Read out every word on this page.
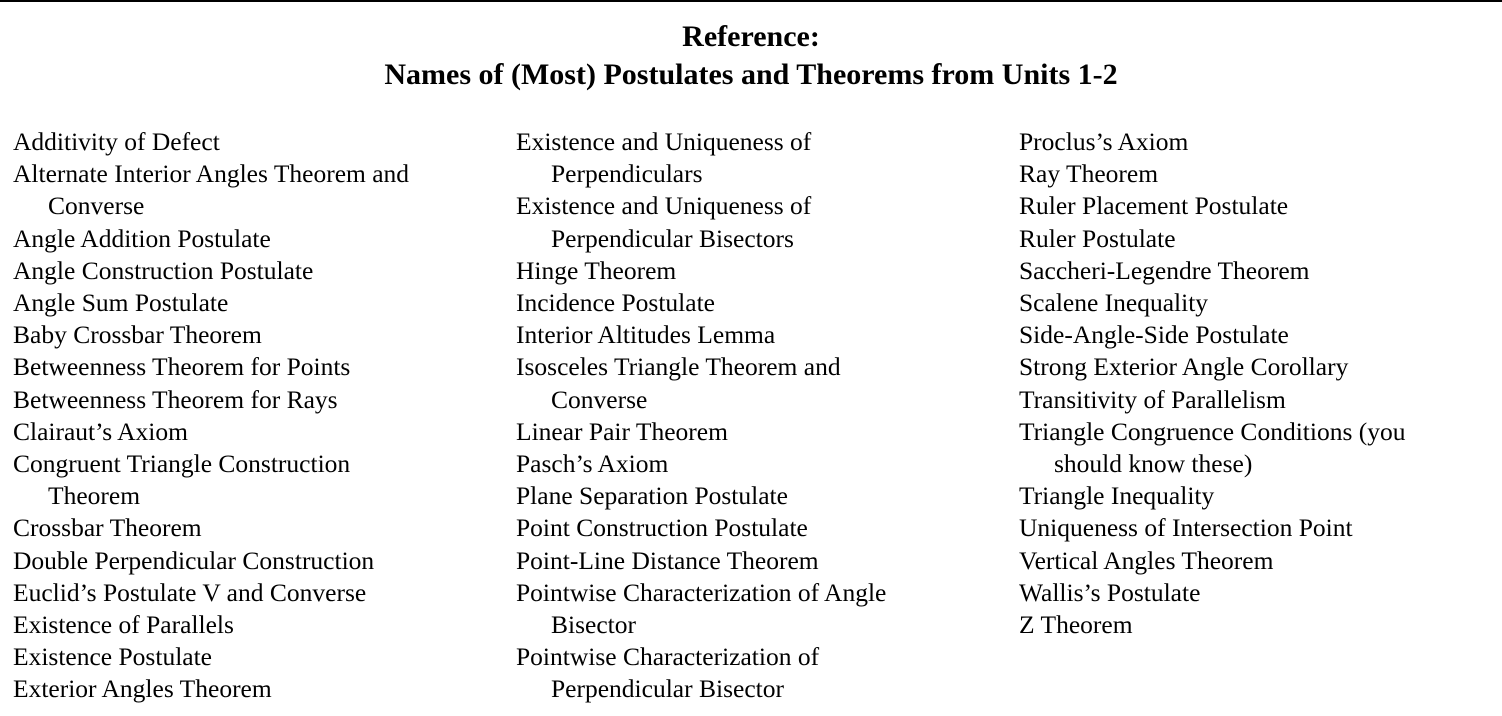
Reference:
Names of (Most) Postulates and Theorems from Units 1-2
Additivity of Defect
Alternate Interior Angles Theorem and
Converse
Angle Addition Postulate
Angle Construction Postulate
Angle Sum Postulate
Baby Crossbar Theorem
Betweenness Theorem for Points
Betweenness Theorem for Rays
Clairaut’s Axiom
Congruent Triangle Construction
Theorem
Crossbar Theorem
Double Perpendicular Construction
Euclid’s Postulate V and Converse
Existence of Parallels
Existence Postulate
Exterior Angles Theorem
Existence and Uniqueness of
Perpendiculars
Existence and Uniqueness of
Perpendicular Bisectors
Hinge Theorem
Incidence Postulate
Interior Altitudes Lemma
Isosceles Triangle Theorem and
Converse
Linear Pair Theorem
Pasch’s Axiom
Plane Separation Postulate
Point Construction Postulate
Point-Line Distance Theorem
Pointwise Characterization of Angle
Bisector
Pointwise Characterization of
Perpendicular Bisector
Proclus’s Axiom
Ray Theorem
Ruler Placement Postulate
Ruler Postulate
Saccheri-Legendre Theorem
Scalene Inequality
Side-Angle-Side Postulate
Strong Exterior Angle Corollary
Transitivity of Parallelism
Triangle Congruence Conditions (you
should know these)
Triangle Inequality
Uniqueness of Intersection Point
Vertical Angles Theorem
Wallis’s Postulate
Z Theorem
